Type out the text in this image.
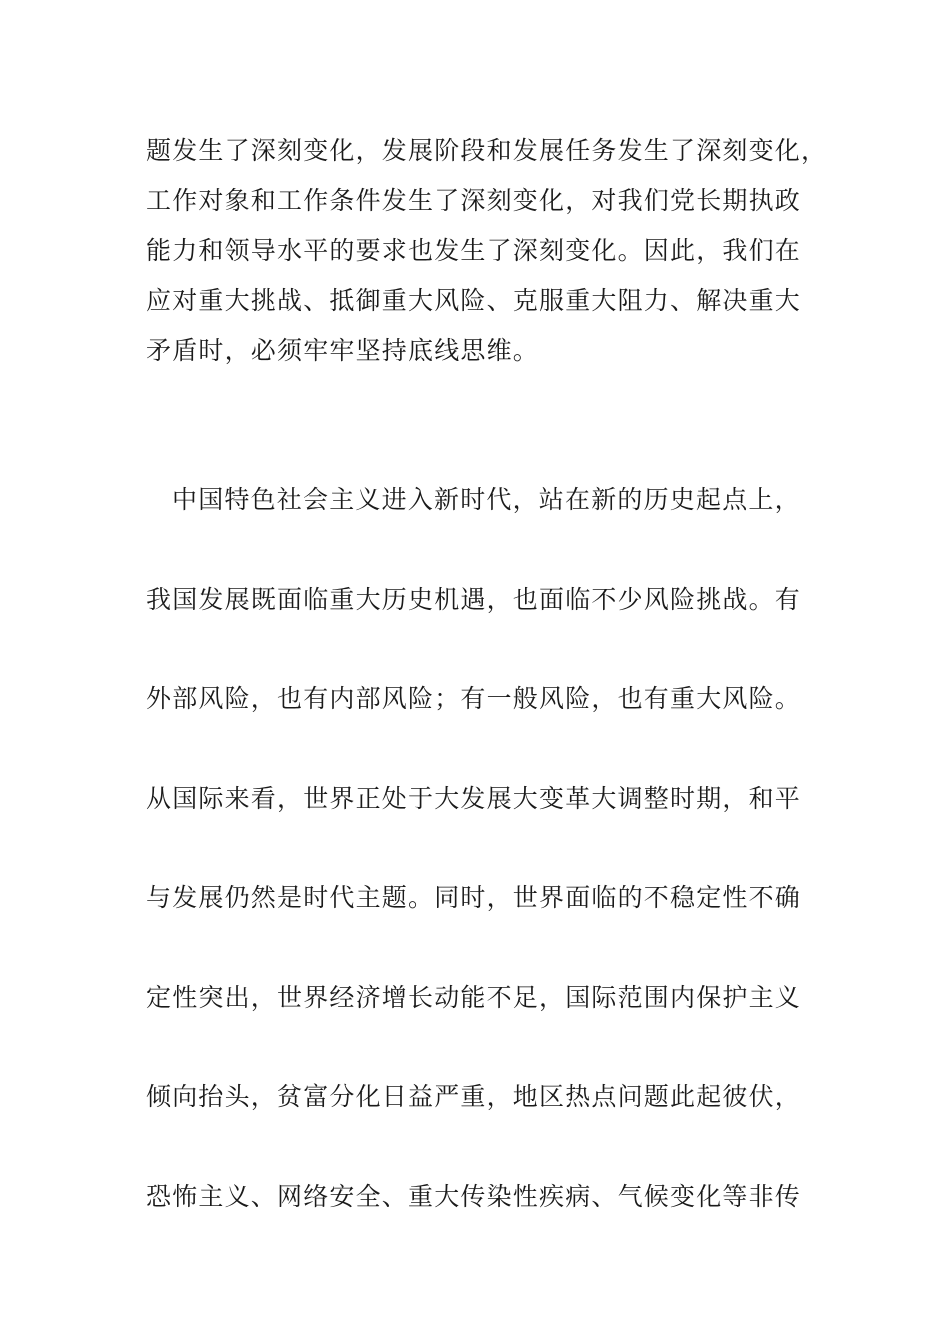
题发生了深刻变化，发展阶段和发展任务发生了深刻变化，
工作对象和工作条件发生了深刻变化，对我们党长期执政
能力和领导水平的要求也发生了深刻变化。因此，我们在
应对重大挑战、抵御重大风险、克服重大阻力、解决重大
矛盾时，必须牢牢坚持底线思维。
中国特色社会主义进入新时代，站在新的历史起点上，
我国发展既面临重大历史机遇，也面临不少风险挑战。有
外部风险，也有内部风险；有一般风险，也有重大风险。
从国际来看，世界正处于大发展大变革大调整时期，和平
与发展仍然是时代主题。同时，世界面临的不稳定性不确
定性突出，世界经济增长动能不足，国际范围内保护主义
倾向抬头，贫富分化日益严重，地区热点问题此起彼伏，
恐怖主义、网络安全、重大传染性疾病、气候变化等非传
